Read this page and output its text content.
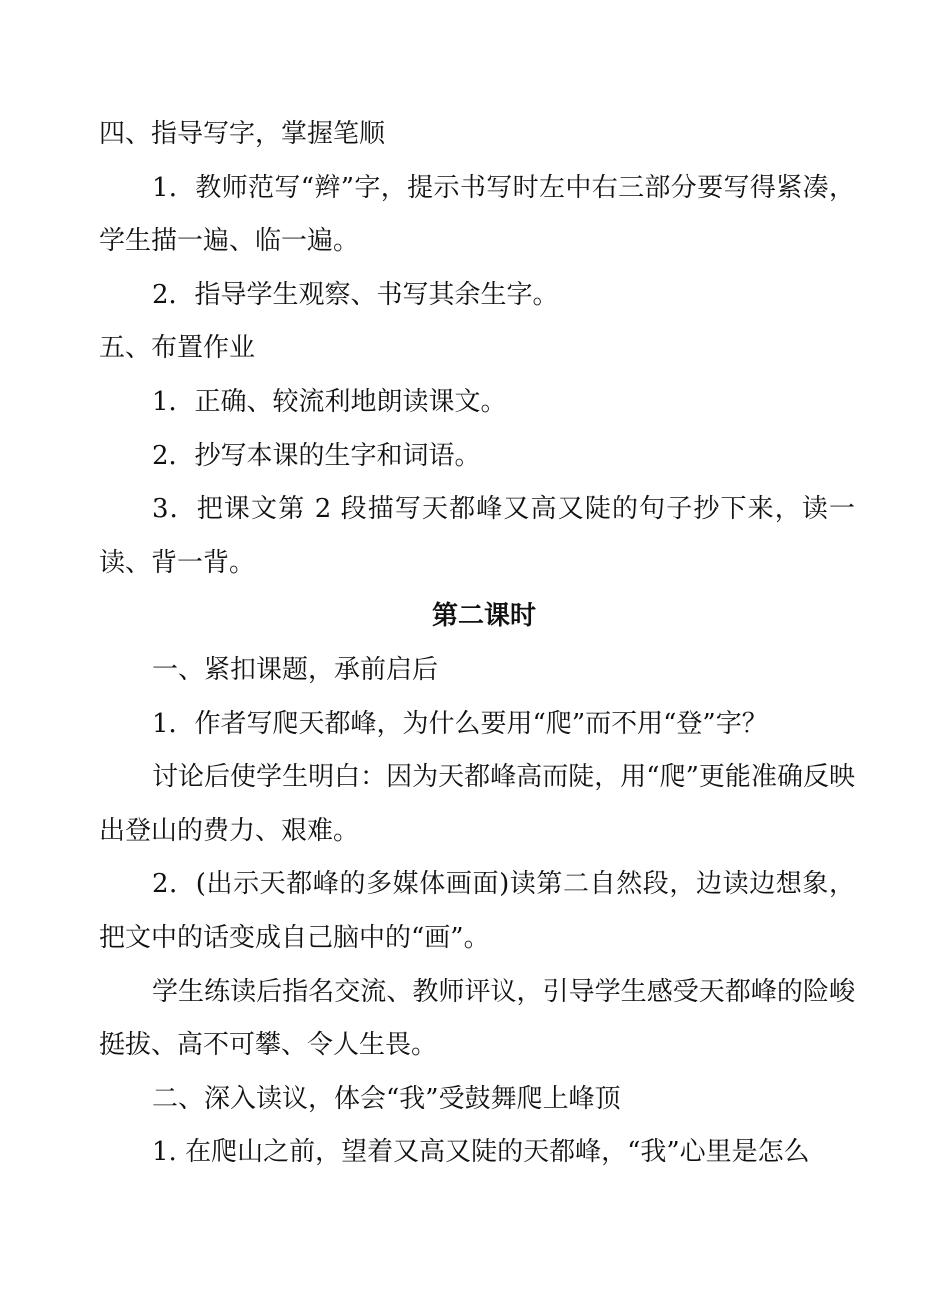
四、指导写字，掌握笔顺

1．教师范写“辫”字，提示书写时左中右三部分要写得紧凑，学生描一遍、临一遍。

2．指导学生观察、书写其余生字。

五、布置作业

1．正确、较流利地朗读课文。

2．抄写本课的生字和词语。

3．把课文第 2 段描写天都峰又高又陡的句子抄下来，读一读、背一背。

第二课时

一、紧扣课题，承前启后

1．作者写爬天都峰，为什么要用“爬”而不用“登”字？

讨论后使学生明白：因为天都峰高而陡，用“爬”更能准确反映出登山的费力、艰难。

2．(出示天都峰的多媒体画面)读第二自然段，边读边想象，把文中的话变成自己脑中的“画”。

学生练读后指名交流、教师评议，引导学生感受天都峰的险峻挺拔、高不可攀、令人生畏。

二、深入读议，体会“我”受鼓舞爬上峰顶

1. 在爬山之前，望着又高又陡的天都峰，“我”心里是怎么
